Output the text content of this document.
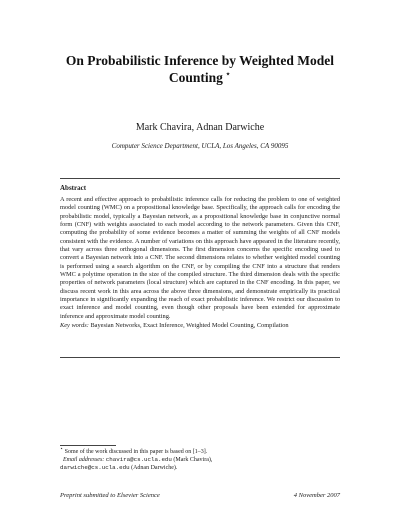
On Probabilistic Inference by Weighted Model Counting ⋆
Mark Chavira, Adnan Darwiche
Computer Science Department, UCLA, Los Angeles, CA 90095
Abstract
A recent and effective approach to probabilistic inference calls for reducing the problem to one of weighted model counting (WMC) on a propositional knowledge base. Specifically, the approach calls for encoding the probabilistic model, typically a Bayesian network, as a propositional knowledge base in conjunctive normal form (CNF) with weights associated to each model according to the network parameters. Given this CNF, computing the probability of some evidence becomes a matter of summing the weights of all CNF models consistent with the evidence. A number of variations on this approach have appeared in the literature recently, that vary across three orthogonal dimensions. The first dimension concerns the specific encoding used to convert a Bayesian network into a CNF. The second dimensions relates to whether weighted model counting is performed using a search algorithm on the CNF, or by compiling the CNF into a structure that renders WMC a polytime operation in the size of the compiled structure. The third dimension deals with the specific properties of network parameters (local structure) which are captured in the CNF encoding. In this paper, we discuss recent work in this area across the above three dimensions, and demonstrate empirically its practical importance in significantly expanding the reach of exact probabilistic inference. We restrict our discussion to exact inference and model counting, even though other proposals have been extended for approximate inference and approximate model counting.
Key words: Bayesian Networks, Exact Inference, Weighted Model Counting, Compilation
⋆ Some of the work discussed in this paper is based on [1–3].
Email addresses: chavira@cs.ucla.edu (Mark Chavira),
darwiche@cs.ucla.edu (Adnan Darwiche).
Preprint submitted to Elsevier Science	4 November 2007
